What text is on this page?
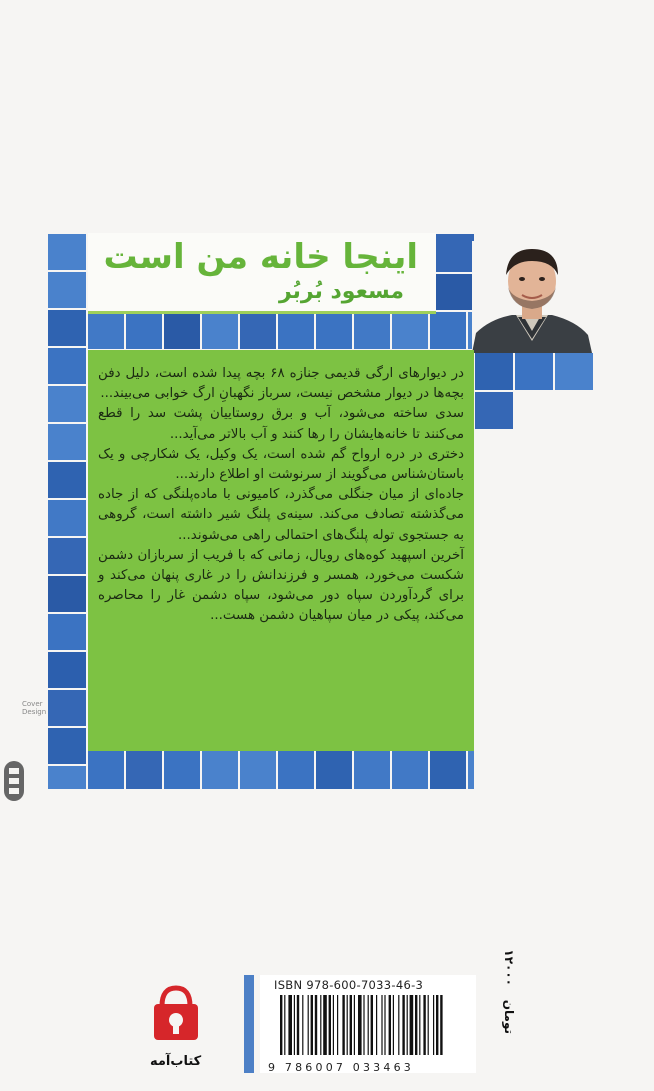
اینجا خانه من است
مسعود بُربُر

در دیوارهای ارگی قدیمی جنازه ۶۸ بچه پیدا شده است، دلیل دفن بچه‌ها در دیوار مشخص نیست، سرباز نگهبانِ ارگ خوابی می‌بیند...

سدی ساخته می‌شود، آب و برق روستاییان پشت سد را قطع می‌کنند تا خانه‌هایشان را رها کنند و آب بالاتر می‌آید...

دختری در دره ارواح گم شده است، یک وکیل، یک شکارچی و یک باستان‌شناس می‌گویند از سرنوشت او اطلاع دارند...

جاده‌ای از میان جنگلی می‌گذرد، کامیونی با ماده‌پلنگی که از جاده می‌گذشته تصادف می‌کند. سینه‌ی پلنگ شیر داشته است، گروهی به جستجوی توله پلنگ‌های احتمالی راهی می‌شوند...

آخرین اسپهبد کوه‌های رویال، زمانی که با فریب از سربازان دشمن شکست می‌خورد، همسر و فرزندانش را در غاری پنهان می‌کند و برای گردآوردن سپاه دور می‌شود، سپاه دشمن غار را محاصره می‌کند، پیکی در میان سپاهیان دشمن هست...

Cover
Design
کتاب‌آمه
ISBN 978-600-7033-46-3
9 786007 033463
۱۲۰۰۰
تومان
